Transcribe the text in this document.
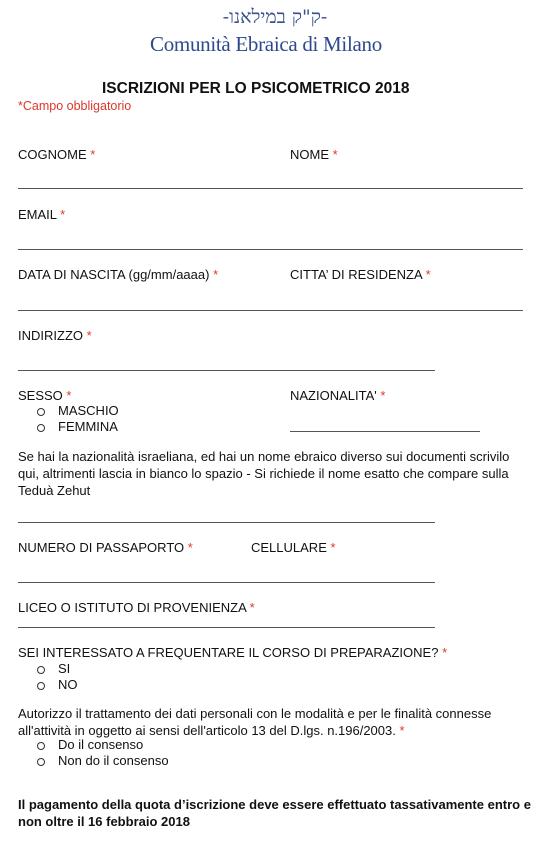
-ק"ק במילאנו-
Comunità Ebraica di Milano
ISCRIZIONI PER LO PSICOMETRICO 2018
*Campo obbligatorio
COGNOME *	NOME *
EMAIL *
DATA DI NASCITA (gg/mm/aaaa) *	CITTA’ DI RESIDENZA *
INDIRIZZO *
SESSO *
MASCHIO
FEMMINA
NAZIONALITA' *
Se hai la nazionalità israeliana, ed hai un nome ebraico diverso sui documenti scrivilo qui, altrimenti lascia in bianco lo spazio - Si richiede il nome esatto che compare sulla Teduà Zehut
NUMERO DI PASSAPORTO *	CELLULARE *
LICEO O ISTITUTO DI PROVENIENZA *
SEI INTERESSATO A FREQUENTARE IL CORSO DI PREPARAZIONE? *
SI
NO
Autorizzo il trattamento dei dati personali con le modalità e per le finalità connesse all'attività in oggetto ai sensi dell'articolo 13 del D.lgs. n.196/2003. *
Do il consenso
Non do il consenso
Il pagamento della quota d’iscrizione deve essere effettuato tassativamente entro e non oltre il 16 febbraio 2018
